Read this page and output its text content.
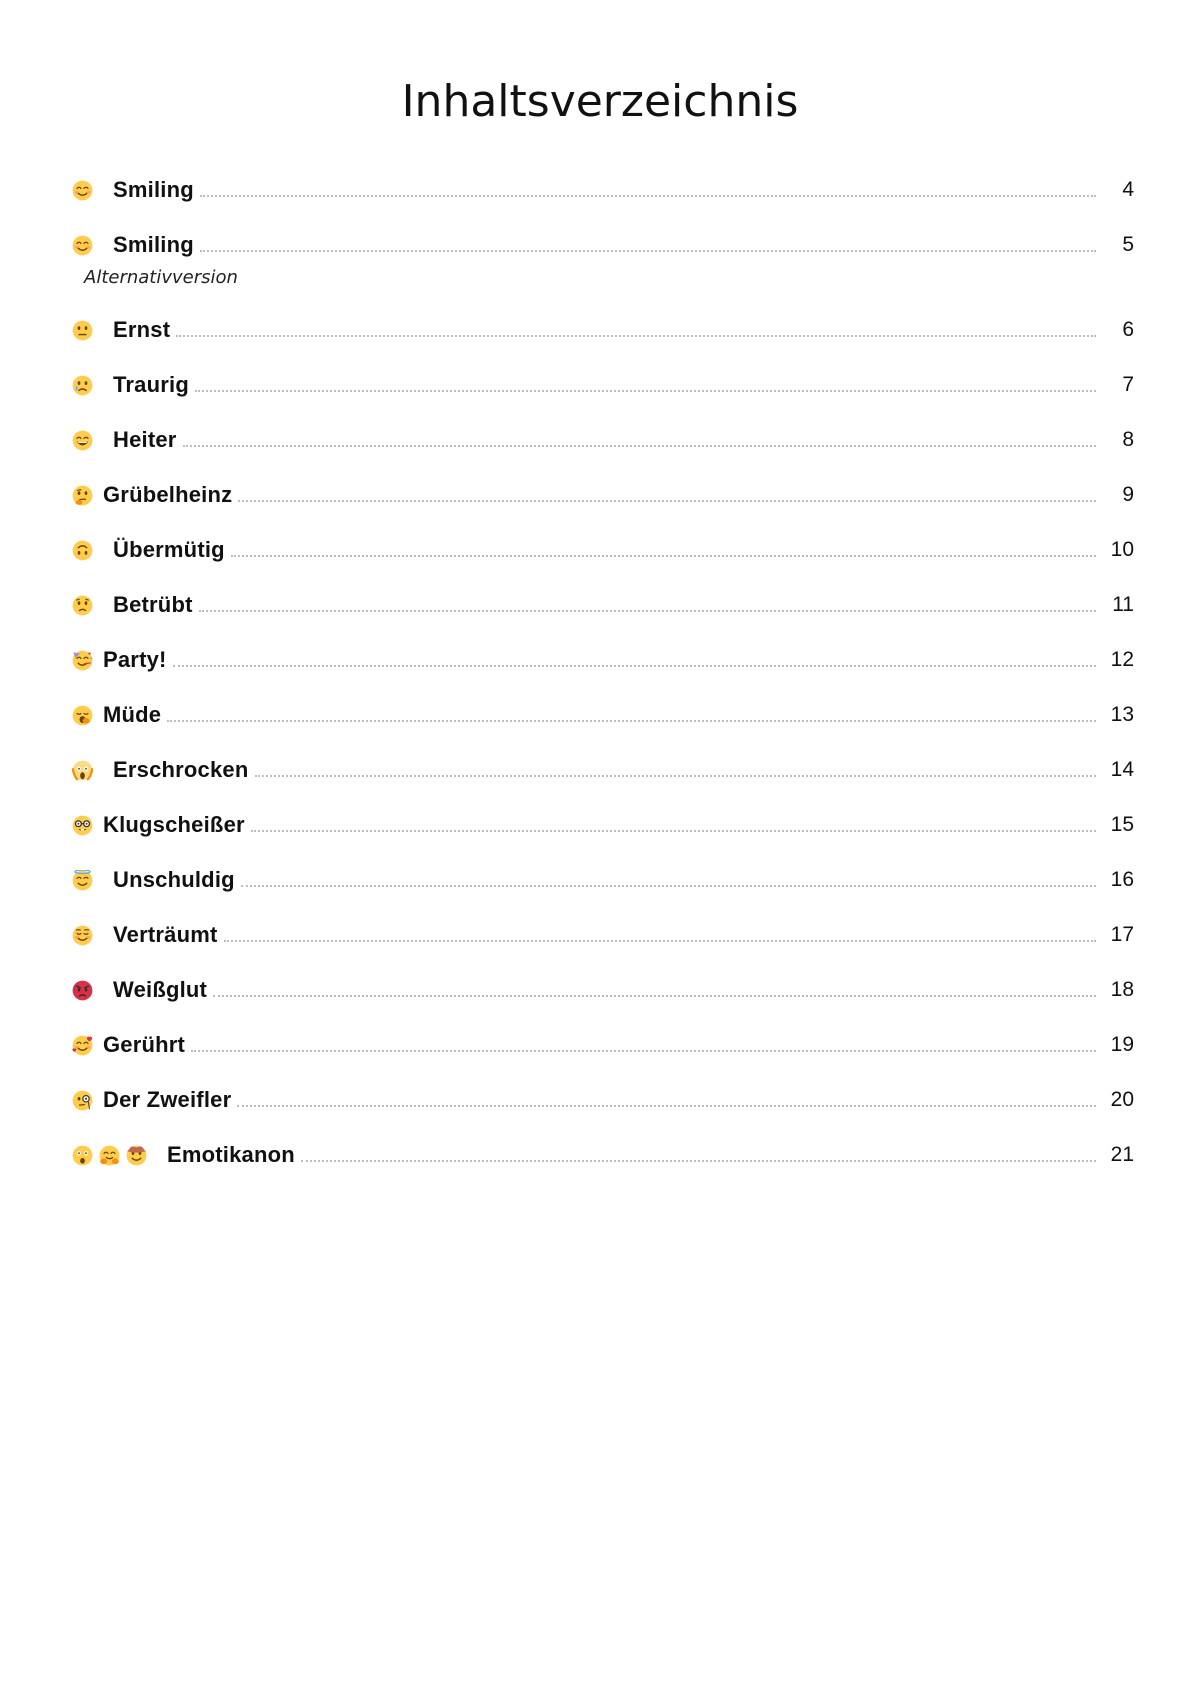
Inhaltsverzeichnis
Smiling	4
Smiling	5
Alternativversion
Ernst	6
Traurig	7
Heiter	8
Grübelheinz	9
Übermütig	10
Betrübt	11
Party!	12
Müde	13
Erschrocken	14
Klugscheißer	15
Unschuldig	16
Verträumt	17
Weißglut	18
Gerührt	19
Der Zweifler	20
Emotikanon	21
